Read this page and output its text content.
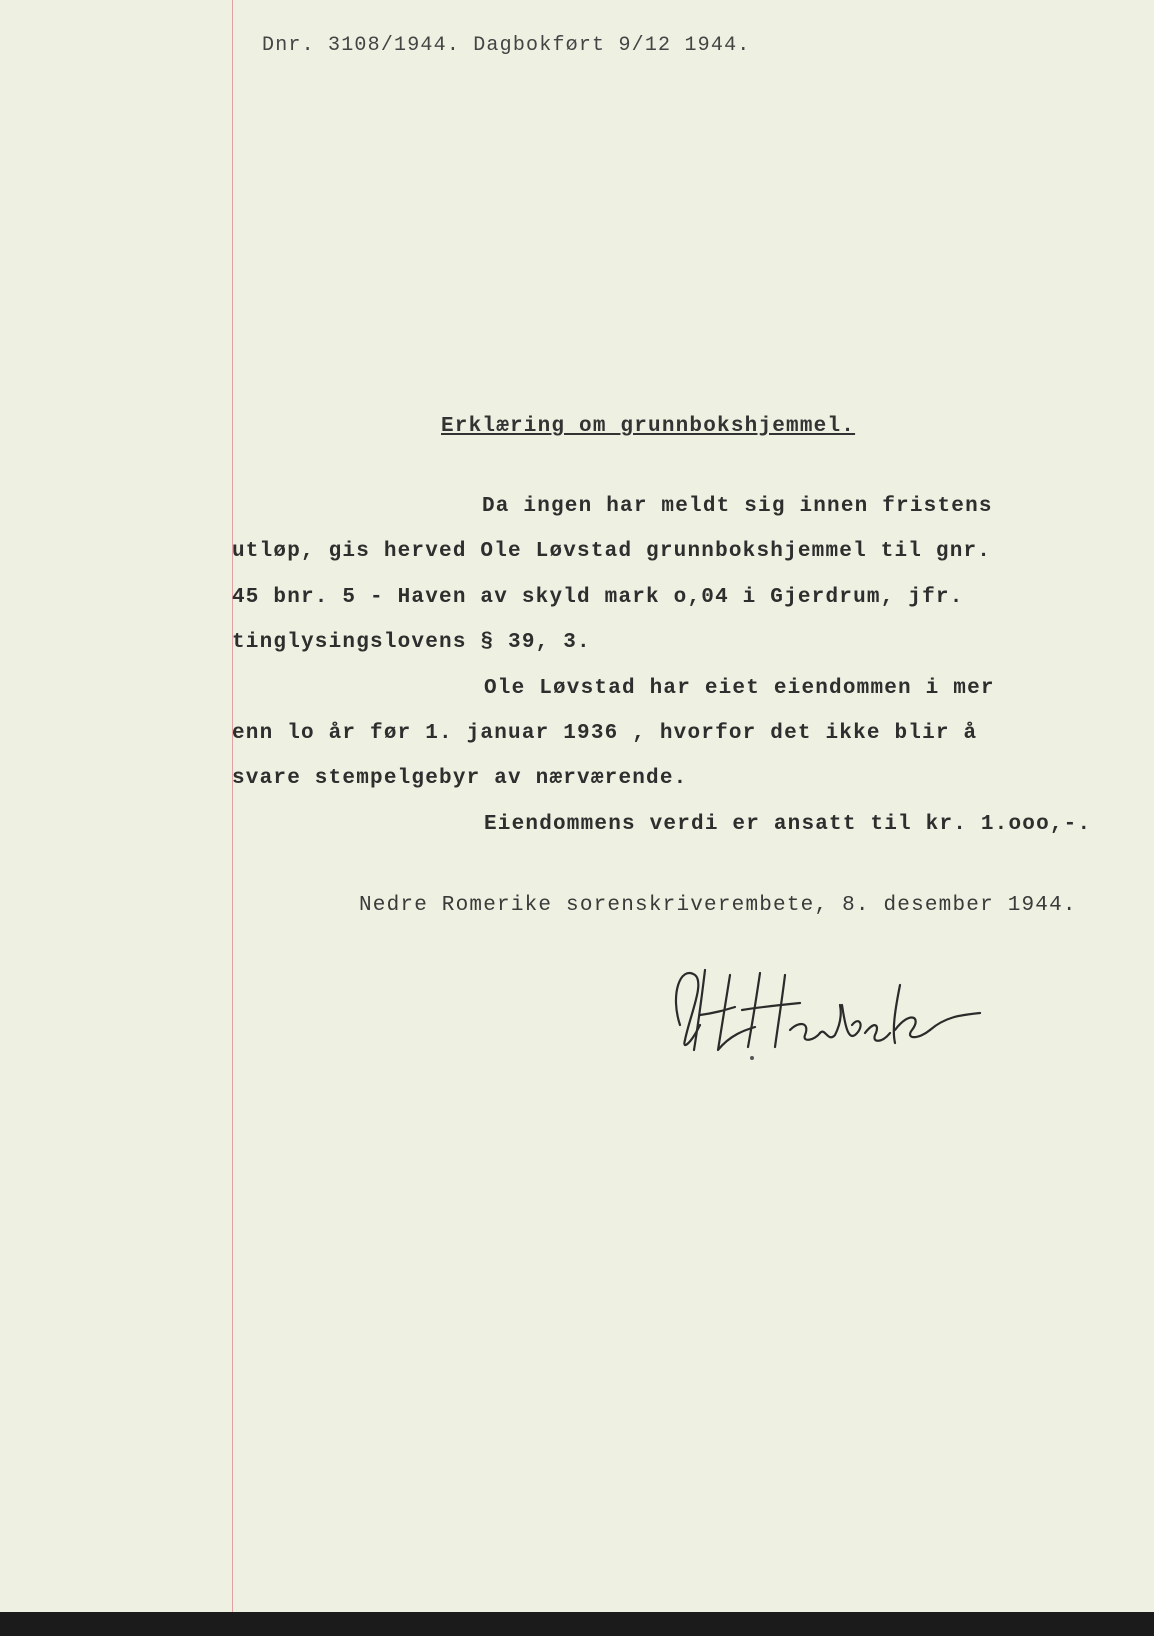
Dnr. 3108/1944. Dagbokført 9/12 1944.
Erklæring om grunnbokshjemmel.
Da ingen har meldt sig innen fristens
utløp, gis herved Ole Løvstad grunnbokshjemmel til gnr.
45 bnr. 5 - Haven av skyld mark o,04 i Gjerdrum, jfr.
tinglysingslovens § 39, 3.
Ole Løvstad har eiet eiendommen i mer
enn lo år før 1. januar 1936 , hvorfor det ikke blir å
svare stempelgebyr av nærværende.
Eiendommens verdi er ansatt til kr. 1.ooo,-.
Nedre Romerike sorenskriverembete, 8. desember 1944.
